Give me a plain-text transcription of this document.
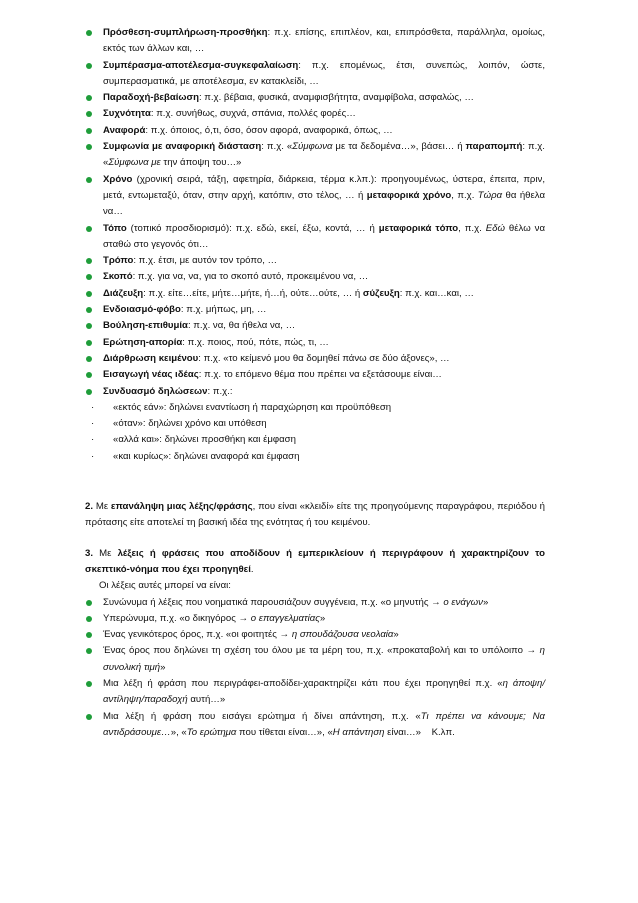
Πρόσθεση-συμπλήρωση-προσθήκη: π.χ. επίσης, επιπλέον, και, επιπρόσθετα, παράλληλα, ομοίως, εκτός των άλλων και, …
Συμπέρασμα-αποτέλεσμα-συγκεφαλαίωση: π.χ. επομένως, έτσι, συνεπώς, λοιπόν, ώστε, συμπερασματικά, με αποτέλεσμα, εν κατακλείδι, …
Παραδοχή-βεβαίωση: π.χ. βέβαια, φυσικά, αναμφισβήτητα, αναμφίβολα, ασφαλώς, …
Συχνότητα: π.χ. συνήθως, συχνά, σπάνια, πολλές φορές…
Αναφορά: π.χ. όποιος, ό,τι, όσο, όσον αφορά, αναφορικά, όπως, …
Συμφωνία με αναφορική διάσταση: π.χ. «Σύμφωνα με τα δεδομένα…», βάσει… ή παραπομπή: π.χ. «Σύμφωνα με την άποψη του…»
Χρόνο (χρονική σειρά, τάξη, αφετηρία, διάρκεια, τέρμα κ.λπ.): προηγουμένως, ύστερα, έπειτα, πριν, μετά, εντωμεταξύ, όταν, στην αρχή, κατόπιν, στο τέλος, … ή μεταφορικά χρόνο, π.χ. Τώρα θα ήθελα να…
Τόπο (τοπικό προσδιορισμό): π.χ. εδώ, εκεί, έξω, κοντά, … ή μεταφορικά τόπο, π.χ. Εδώ θέλω να σταθώ στο γεγονός ότι…
Τρόπο: π.χ. έτσι, με αυτόν τον τρόπο, …
Σκοπό: π.χ. για να, να, για το σκοπό αυτό, προκειμένου να, …
Διάζευξη: π.χ. είτε…είτε, μήτε…μήτε, ή…ή, ούτε…ούτε, … ή σύζευξη: π.χ. και…και, …
Ενδοιασμό-φόβο: π.χ. μήπως, μη, …
Βούληση-επιθυμία: π.χ. να, θα ήθελα να, …
Ερώτηση-απορία: π.χ. ποιος, πού, πότε, πώς, τι, …
Διάρθρωση κειμένου: π.χ. «το κείμενό μου θα δομηθεί πάνω σε δύο άξονες», …
Εισαγωγή νέας ιδέας: π.χ. το επόμενο θέμα που πρέπει να εξετάσουμε είναι…
Συνδυασμό δηλώσεων: π.χ.:
· «εκτός εάν»: δηλώνει εναντίωση ή παραχώρηση και προϋπόθεση
· «όταν»: δηλώνει χρόνο και υπόθεση
· «αλλά και»: δηλώνει προσθήκη και έμφαση
· «και κυρίως»: δηλώνει αναφορά και έμφαση
2. Με επανάληψη μιας λέξης/φράσης, που είναι «κλειδί» είτε της προηγούμενης παραγράφου, περιόδου ή πρότασης είτε αποτελεί τη βασική ιδέα της ενότητας ή του κειμένου.
3. Με λέξεις ή φράσεις που αποδίδουν ή εμπερικλείουν ή περιγράφουν ή χαρακτηρίζουν το σκεπτικό-νόημα που έχει προηγηθεί.
Οι λέξεις αυτές μπορεί να είναι:
Συνώνυμα ή λέξεις που νοηματικά παρουσιάζουν συγγένεια, π.χ. «ο μηνυτής → ο ενάγων»
Υπερώνυμα, π.χ. «ο δικηγόρος → ο επαγγελματίας»
Ένας γενικότερος όρος, π.χ. «οι φοιτητές → η σπουδάζουσα νεολαία»
Ένας όρος που δηλώνει τη σχέση του όλου με τα μέρη του, π.χ. «προκαταβολή και το υπόλοιπο → η συνολική τιμή»
Μια λέξη ή φράση που περιγράφει-αποδίδει-χαρακτηρίζει κάτι που έχει προηγηθεί π.χ. «η άποψη/αντίληψη/παραδοχή αυτή…»
Μια λέξη ή φράση που εισάγει ερώτημα ή δίνει απάντηση, π.χ. «Τι πρέπει να κάνουμε; Να αντιδράσουμε…», «Το ερώτημα που τίθεται είναι…», «Η απάντηση είναι…»    Κ.λπ.
